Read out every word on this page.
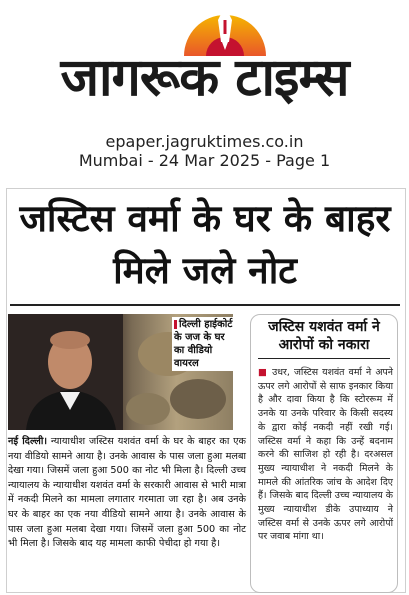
जागरूक टाइम्स
epaper.jagruktimes.co.in
Mumbai - 24 Mar 2025 - Page 1
जस्टिस वर्मा के घर के बाहर मिले जले नोट
दिल्ली हाईकोर्ट के जज के घर का वीडियो वायरल
नई दिल्ली। न्यायाधीश जस्टिस यशवंत वर्मा के घर के बाहर का एक नया वीडियो सामने आया है। उनके आवास के पास जला हुआ मलबा देखा गया। जिसमें जला हुआ 500 का नोट भी मिला है। दिल्ली उच्च न्यायालय के न्यायाधीश यशवंत वर्मा के सरकारी आवास से भारी मात्रा में नकदी मिलने का मामला लगातार गरमाता जा रहा है। अब उनके घर के बाहर का एक नया वीडियो सामने आया है। उनके आवास के पास जला हुआ मलबा देखा गया। जिसमें जला हुआ 500 का नोट भी मिला है। जिसके बाद यह मामला काफी पेचीदा हो गया है।
जस्टिस यशवंत वर्मा ने आरोपों को नकारा
■ उधर, जस्टिस यशवंत वर्मा ने अपने ऊपर लगे आरोपों से साफ इनकार किया है और दावा किया है कि स्टोररूम में उनके या उनके परिवार के किसी सदस्य के द्वारा कोई नकदी नहीं रखी गई। जस्टिस वर्मा ने कहा कि उन्हें बदनाम करने की साजिश हो रही है। दरअसल मुख्य न्यायाधीश ने नकदी मिलने के मामले की आंतरिक जांच के आदेश दिए हैं। जिसके बाद दिल्ली उच्च न्यायालय के मुख्य न्यायाधीश डीके उपाध्याय ने जस्टिस वर्मा से उनके ऊपर लगे आरोपों पर जवाब मांगा था।
